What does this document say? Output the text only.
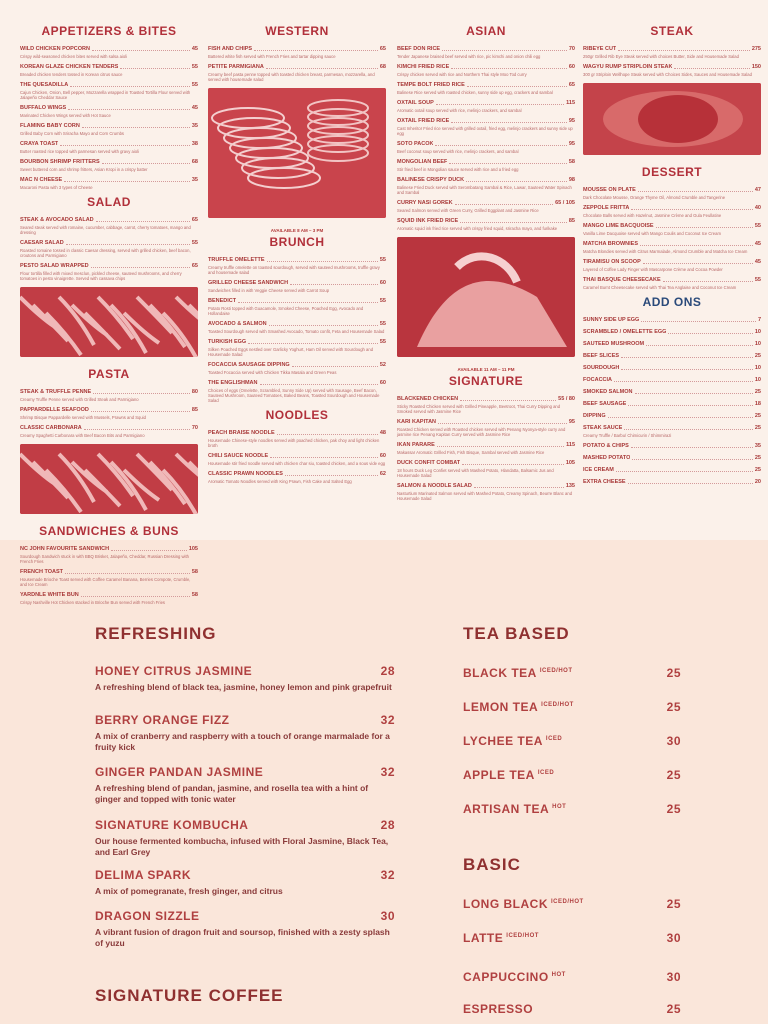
APPETIZERS & BITES
WILD CHICKEN POPCORN	45
Crispy wild-seasoned chicken bites served with salsa aioli
KOREAN GLAZE CHICKEN TENDERS	55
Breaded chicken tenders tossed in Korean citrus sauce
THE QUESADILLA	55
Cajun Chicken, Onion, Bell pepper, Mozzarella wrapped in Toasted Tortilla Flour served with Jalapeño Cheddar Sauce
BUFFALO WINGS	45
Marinated Chicken Wings served with Hot Sauce
FLAMING BABY CORN	35
Grilled Baby Corn with Sriracha Mayo and Corn Crumbs
CRAYA TOAST	38
Butter roasted rice topped with parmesan served with gravy aioli
BOURBON SHRIMP FRITTERS	68
Sweet buttered corn and shrimp fritters, Asian Kropi in a crispy batter
MAC N CHEESE	35
Macaroni Pasta with 3 types of Cheese
SALAD
STEAK & AVOCADO SALAD	65
Seared steak served with romaine, cucumber, cabbage, carrot, cherry tomatoes, mango and dressing
CAESAR SALAD	55
Roasted romaine tossed in classic Caesar dressing, served with grilled chicken, beef bacon, croutons and Parmigiano
PESTO SALAD WRAPPED	65
Flour tortilla filled with mixed mesclun, pickled cheese, sauteed mushrooms, and cherry tomatoes in pesto vinaigrette. Served with cassava chips
PASTA
STEAK & TRUFFLE PENNE	80
Creamy Truffle Penne served with Grilled Steak and Parmigiano
PAPPARDELLE SEAFOOD	85
Shrimp Bisque Pappardelle served with Mussels, Prawns and Squid
CLASSIC CARBONARA	70
Creamy Spaghetti Carbonara with Beef Bacon Bits and Parmigiano
SANDWICHES & BUNS
NC JOHN FAVOURITE SANDWICH	105
Sourdough Sandwich stuck in with BBQ Brisket, Jalapeño, Cheddar, Russian Dressing with French Fries
FRENCH TOAST	58
Housemade Brioche Toast served with Coffee Caramel Banana, Berries Compote, Crumble, and Ice Cream
YARDNLE WHITE BUN	58
Crispy Nashville Hot Chicken stacked in Brioche Bun served with French Fries
WESTERN
FISH AND CHIPS	65
Battered white fish served with French Fries and tartar dipping sauce
PETITE PARMIGIANA	68
Creamy beef pasta penne topped with toasted chicken breast, parmesan, mozzarella, and served with housemade salad
AVAILABLE 8 AM – 3 PM
BRUNCH
TRUFFLE OMELETTE	55
Creamy truffle omelette on toasted sourdough, served with sauteed mushrooms, truffle gravy and housemade salad
GRILLED CHEESE SANDWICH	60
Sandwiches filled in with Veggie Cheese served with Carrot Soup
BENEDICT	55
Potato Rosti topped with Guacamole, Smoked Cheese, Poached Egg, Avocado and Hollandaise
AVOCADO & SALMON	55
Toasted Sourdough served with Smashed Avocado, Tomato confit, Feta and Housemade Salad
TURKISH EGG	55
Silken Poached Eggs nestled over Garlicky Yoghurt, Ham Oil served with Sourdough and Housemade Salad
FOCACCIA SAUSAGE DIPPING	52
Toasted Focaccia served with Chicken Tikka Masala and Green Peas
THE ENGLISHMAN	60
Choices of eggs (Omelette, Scrambled, Sunny Side Up) served with Sausage, Beef Bacon, Sauteed Mushroom, Sauteed Tomatoes, Baked Beans, Toasted Sourdough and Housemade Salad
NOODLES
PEACH BRAISE NOODLE	48
Housemade Chinese-style noodles served with poached chicken, pak choy and light chicken broth
CHILI SAUCE NOODLE	60
Housemade stir fried noodle served with chicken char siu, toasted chicken, and a sous vide egg
CLASSIC PRAWN NOODLES	62
Aromatic Tomato Noodles served with King Prawn, Fish Cake and Salted Egg
ASIAN
BEEF DON RICE	70
Tender Japanese braised beef served with rice, pic kimchi and onion chili egg
KIMCHI FRIED RICE	60
Crispy chicken served with rice and Northern Thai style Moo Tod curry
TEMPE BOLT FRIED RICE	65
Balinese Rice served with roasted chicken, sunny side up egg, crackers and sambal
OXTAIL SOUP	115
Aromatic oxtail soup served with rice, melinjo crackers, and sambal
OXTAIL FRIED RICE	95
Cast Inheritor Fried rice served with grilled oxtail, fried egg, melinjo crackers and sunny side up egg
SOTO PACOK	95
Beef coconut soup served with rice, melinjo crackers, and sambal
MONGOLIAN BEEF	58
Stir fried beef in Mongolian sauce served with rice and a fried egg
BALINESE CRISPY DUCK	98
Balinese Fried Duck served with Serombatang Sambal & Rice, Lawar, Sauteed Water Spinach and Sambal
CURRY NASI GOREK	65 / 105
Seared Salmon served with Green Curry, Grilled Eggplant and Jasmine Rice
SQUID INK FRIED RICE	85
Aromatic squid ink fried rice served with crispy fried squid, sriracha mayo, and furikake
AVAILABLE 11 AM – 11 PM
SIGNATURE
BLACKENED CHICKEN	55 / 80
Sticky Roasted Chicken served with Grilled Pineapple, Beetroot, Thai Curry Dipping and Smoked served with Jasmine Rice
KARI KAPITAN	95
Roasted Chicken served with Roasted chicken served with Penang Nyonya-style curry and jasmine rice Penang Kapitan Curry served with Jasmine Rice
IKAN PARARE	115
Makassar Aromatic Grilled Fish, Fish Bisque, Sambal served with Jasmine Rice
DUCK CONFIT COMBAT	105
18 hours Duck Leg Confiet served with Mashed Potato, Hlandatta, Balsamic Jus and Housemade Salad
SALMON & NOODLE SALAD	135
Nasturtium Marinated Salmon served with Mashed Potato, Creamy Spinach, Beurre Blanc and Housemade Salad
STEAK
RIBEYE CUT	275
250gr Grilled Rib Eye Steak served with choices Butter, Side and Housemade Salad
WAGYU RUMP STRIPLOIN STEAK	150
300 gr Striploin Wellhope Steak served with Choices Sides, Sauces and Housemade Salad
DESSERT
MOUSSE ON PLATE	47
Dark Chocolate Mousse, Orange Thyme Oil, Almond Crumble and Tangerine
ZEPPOLE FRITTA	40
Chocolate Balls served with Hazelnut, Jasmine Crème and Gula Feullatine
MANGO LIME BACQUOISE	55
Vanilla Lime Dacquoise served with Mango Coulis and Coconut Ice Cream
MATCHA BROWNIES	45
Matcha Blondies served with Citrus Marmalade, Almond Crumble and Matcha Ice Cream
TIRAMISU ON SCOOP	45
Layered of Coffee Lady Finger with Mascarpone Crème and Cocoa Powder
THAI BASQUE CHEESECAKE	55
Caramel Burnt Cheesecake served with Thai Tea Anglaise and Coconut Ice Cream
ADD ONS
SUNNY SIDE UP EGG	7
SCRAMBLED / OMELETTE EGG	10
SAUTEED MUSHROOM	10
BEEF SLICES	25
SOURDOUGH	10
FOCACCIA	10
SMOKED SALMON	25
BEEF SAUSAGE	18
DIPPING	25
STEAK SAUCE	25
Creamy Truffle / Barbu/ Chimicurin / Shimmirazi
POTATO & CHIPS	35
MASHED POTATO	25
ICE CREAM	25
EXTRA CHEESE	20
REFRESHING
HONEY CITRUS JASMINE	28
A refreshing blend of black tea, jasmine, honey lemon and pink grapefruit
BERRY ORANGE FIZZ	32
A mix of cranberry and raspberry with a touch of orange marmalade for a fruity kick
GINGER PANDAN JASMINE	32
A refreshing blend of pandan, jasmine, and rosella tea with a hint of ginger and topped with tonic water
SIGNATURE KOMBUCHA	28
Our house fermented kombucha, infused with Floral Jasmine, Black Tea, and Earl Grey
DELIMA SPARK	32
A mix of pomegranate, fresh ginger, and citrus
DRAGON SIZZLE	30
A vibrant fusion of dragon fruit and soursop, finished with a zesty splash of yuzu
SIGNATURE COFFEE
TEA BASED
BLACK TEA $^{ICED/HOT}$	25
LEMON TEA $^{ICED/HOT}$	25
LYCHEE TEA $^{ICED}$	30
APPLE TEA $^{ICED}$	25
ARTISAN TEA $^{HOT}$	25
BASIC
LONG BLACK $^{ICED/HOT}$	25
LATTE $^{ICED/HOT}$	30
CAPPUCCINO $^{HOT}$	30
ESPRESSO	25
